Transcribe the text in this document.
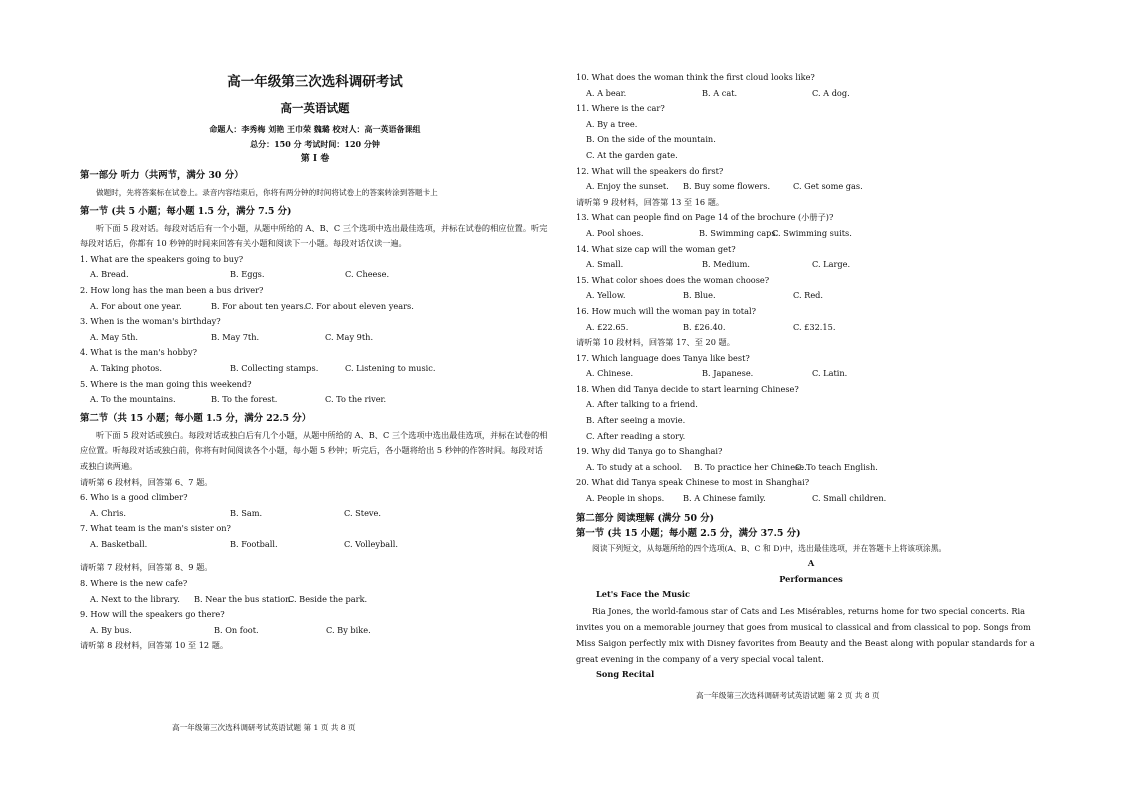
高一年级第三次选科调研考试
高一英语试题
命题人：李秀梅 刘艳 王巾荣 魏璐 校对人：高一英语备课组
总分：150 分 考试时间：120 分钟
第 I 卷
第一部分 听力（共两节，满分 30 分）
做题时，先将答案标在试卷上。录音内容结束后，你将有两分钟的时间将试卷上的答案转涂到答题卡上
第一节 (共 5 小题；每小题 1.5 分，满分 7.5 分)
听下面 5 段对话。每段对话后有一个小题，从题中所给的 A、B、C 三个选项中选出最佳选项，并标在试卷的相应位置。听完每段对话后，你都有 10 秒钟的时间来回答有关小题和阅读下一小题。每段对话仅读一遍。
1. What are the speakers going to buy?
A. Bread.	B. Eggs.	C. Cheese.
2. How long has the man been a bus driver?
A. For about one year.	B. For about ten years.
C. For about eleven years.
3. When is the woman's birthday?
A. May 5th.	B. May 7th.	C. May 9th.
4. What is the man's hobby?
A. Taking photos.	B. Collecting stamps.	C. Listening to music.
5. Where is the man going this weekend?
A. To the mountains.	B. To the forest.	C. To the river.
第二节（共 15 小题；每小题 1.5 分，满分 22.5 分）
听下面 5 段对话或独白。每段对话或独白后有几个小题，从题中所给的 A、B、C 三个选项中选出最佳选项，并标在试卷的相应位置。听每段对话或独白前，你将有时间阅读各个小题，每小题 5 秒钟；听完后，各小题将给出 5 秒钟的作答时间。每段对话或独白读两遍。
请听第 6 段材料，回答第 6、7 题。
6. Who is a good climber?
A. Chris.	B. Sam.	C. Steve.
7. What team is the man's sister on?
A. Basketball.	B. Football.	C. Volleyball.
请听第 7 段材料，回答第 8、9 题。
8. Where is the new cafe?
A. Next to the library.	B. Near the bus station.
C. Beside the park.
9. How will the speakers go there?
A. By bus.	B. On foot.	C. By bike.
请听第 8 段材料，回答第 10 至 12 题。
高一年级第三次选科调研考试英语试题 第 1 页 共 8 页
10. What does the woman think the first cloud looks like?
A. A bear.	B. A cat.	C. A dog.
11. Where is the car?
A. By a tree.
B. On the side of the mountain.
C. At the garden gate.
12. What will the speakers do first?
A. Enjoy the sunset.	B. Buy some flowers.	C. Get some gas.
请听第 9 段材料，回答第 13 至 16 题。
13. What can people find on Page 14 of the brochure (小册子)?
A. Pool shoes.	B. Swimming caps.
C. Swimming suits.
14. What size cap will the woman get?
A. Small.	B. Medium.	C. Large.
15. What color shoes does the woman choose?
A. Yellow.	B. Blue.	C. Red.
16. How much will the woman pay in total?
A. £22.65.	B. £26.40.	C. £32.15.
请听第 10 段材料，回答第 17、至 20 题。
17. Which language does Tanya like best?
A. Chinese.	B. Japanese.	C. Latin.
18. When did Tanya decide to start learning Chinese?
A. After talking to a friend.
B. After seeing a movie.
C. After reading a story.
19. Why did Tanya go to Shanghai?
A. To study at a school.	B. To practice her Chinese.
C. To teach English.
20. What did Tanya speak Chinese to most in Shanghai?
A. People in shops.	B. A Chinese family.	C. Small children.
第二部分 阅读理解 (满分 50 分)
第一节 (共 15 小题；每小题 2.5 分，满分 37.5 分)
阅读下列短文，从每题所给的四个选项(A、B、C 和 D)中，选出最佳选项，并在答题卡上将该项涂黑。
A
Performances
Let's Face the Music
Ria Jones, the world-famous star of Cats and Les Misérables, returns home for two special concerts. Ria invites you on a memorable journey that goes from musical to classical and from classical to pop. Songs from Miss Saigon perfectly mix with Disney favorites from Beauty and the Beast along with popular standards for a great evening in the company of a very special vocal talent.
Song Recital
高一年级第三次选科调研考试英语试题 第 2 页 共 8 页
